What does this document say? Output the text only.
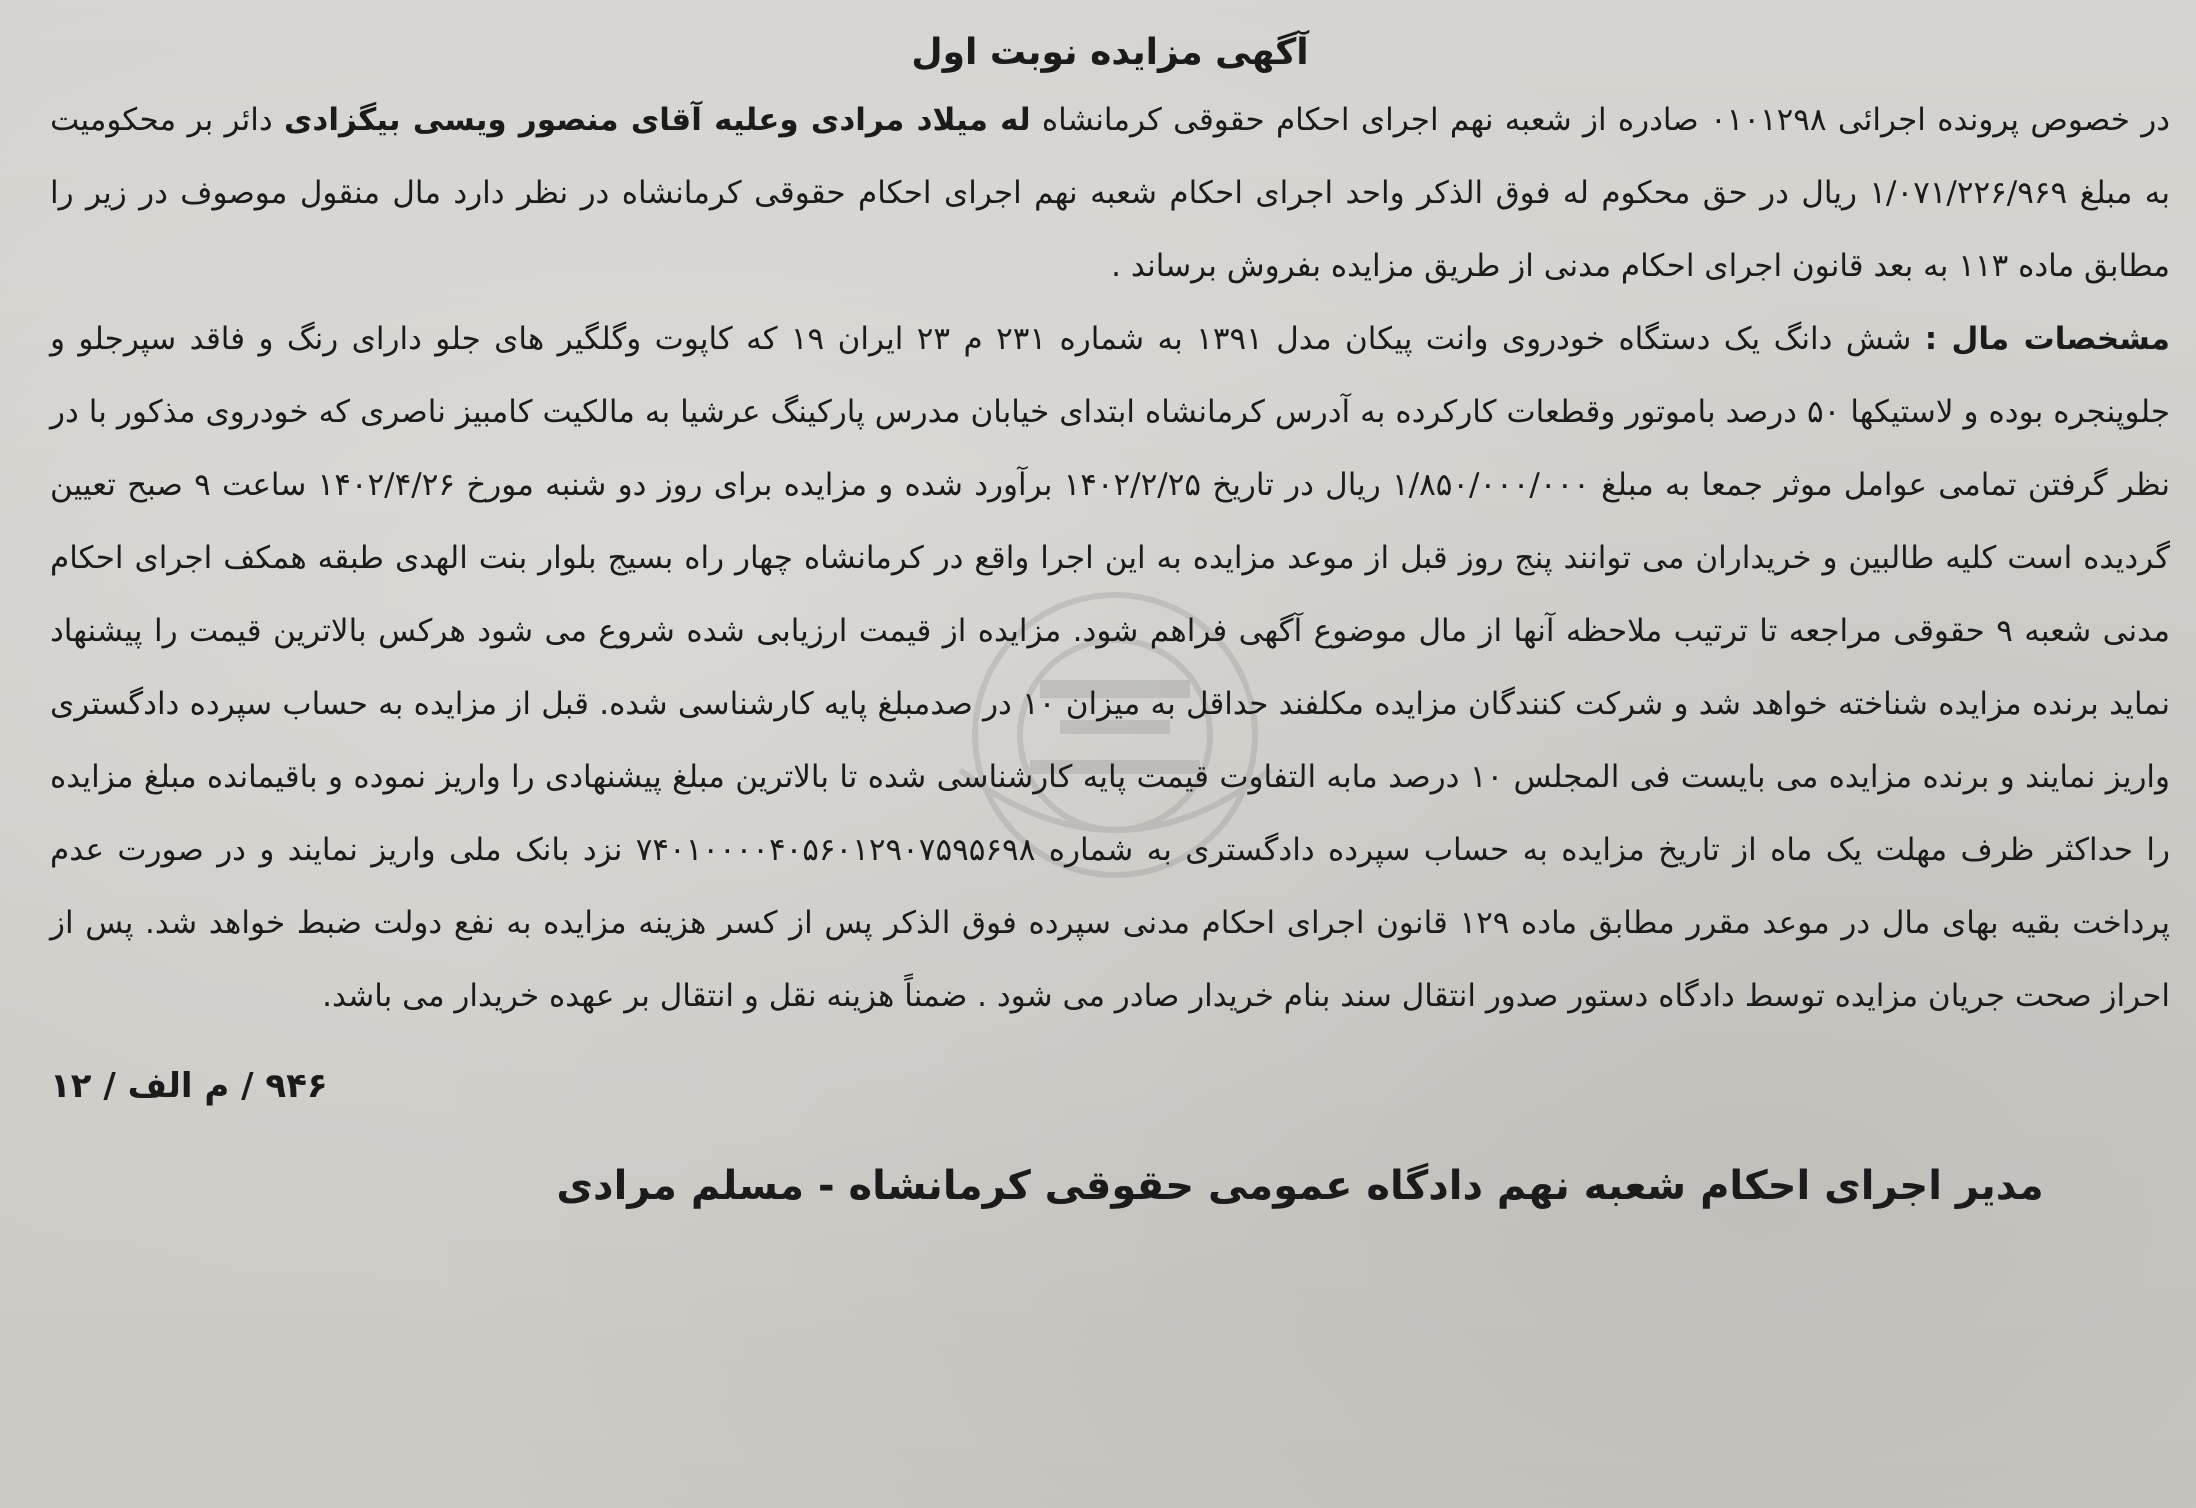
آگهی مزایده نوبت اول

در خصوص پرونده اجرائی ۰۱۰۱۲۹۸ صادره از شعبه نهم اجرای احکام حقوقی کرمانشاه له میلاد مرادی وعلیه آقای منصور ویسی بیگزادی دائر بر محکومیت به مبلغ ۱/۰۷۱/۲۲۶/۹۶۹ ریال در حق محکوم له فوق الذکر واحد اجرای احکام شعبه نهم اجرای احکام حقوقی کرمانشاه در نظر دارد مال منقول موصوف در زیر را مطابق ماده ۱۱۳ به بعد قانون اجرای احکام مدنی از طریق مزایده بفروش برساند .

مشخصات مال : شش دانگ یک دستگاه خودروی وانت پیکان مدل ۱۳۹۱ به شماره ۲۳۱ م ۲۳ ایران ۱۹ که کاپوت وگلگیر های جلو دارای رنگ و فاقد سپرجلو و جلوپنجره بوده و لاستیکها ۵۰ درصد باموتور وقطعات کارکرده به آدرس کرمانشاه ابتدای خیابان مدرس پارکینگ عرشیا به مالکیت کامبیز ناصری که خودروی مذکور با در نظر گرفتن تمامی عوامل موثر جمعا به مبلغ ۱/۸۵۰/۰۰۰/۰۰۰ ریال در تاریخ ۱۴۰۲/۲/۲۵ برآورد شده و مزایده برای روز دو شنبه مورخ ۱۴۰۲/۴/۲۶ ساعت ۹ صبح تعیین گردیده است کلیه طالبین و خریداران می توانند پنج روز قبل از موعد مزایده به این اجرا واقع در کرمانشاه چهار راه بسیج بلوار بنت الهدی طبقه همکف اجرای احکام مدنی شعبه ۹ حقوقی مراجعه تا ترتیب ملاحظه آنها از مال موضوع آگهی فراهم شود. مزایده از قیمت ارزیابی شده شروع می شود هرکس بالاترین قیمت را پیشنهاد نماید برنده مزایده شناخته خواهد شد و شرکت کنندگان مزایده مکلفند حداقل به میزان ۱۰ در صدمبلغ پایه کارشناسی شده. قبل از مزایده به حساب سپرده دادگستری واریز نمایند و برنده مزایده می بایست فی المجلس ۱۰ درصد مابه التفاوت قیمت پایه کارشناسی شده تا بالاترین مبلغ پیشنهادی را واریز نموده و باقیمانده مبلغ مزایده را حداکثر ظرف مهلت یک ماه از تاریخ مزایده به حساب سپرده دادگستری به شماره ۷۴۰۱۰۰۰۰۴۰۵۶۰۱۲۹۰۷۵۹۵۶۹۸ نزد بانک ملی واریز نمایند و در صورت عدم پرداخت بقیه بهای مال در موعد مقرر مطابق ماده ۱۲۹ قانون اجرای احکام مدنی سپرده فوق الذکر پس از کسر هزینه مزایده به نفع دولت ضبط خواهد شد. پس از احراز صحت جریان مزایده توسط دادگاه دستور صدور انتقال سند بنام خریدار صادر می شود . ضمناً هزینه نقل و انتقال بر عهده خریدار می باشد.

۹۴۶ / م الف / ۱۲
مدیر اجرای احکام شعبه نهم دادگاه عمومی حقوقی کرمانشاه - مسلم مرادی
